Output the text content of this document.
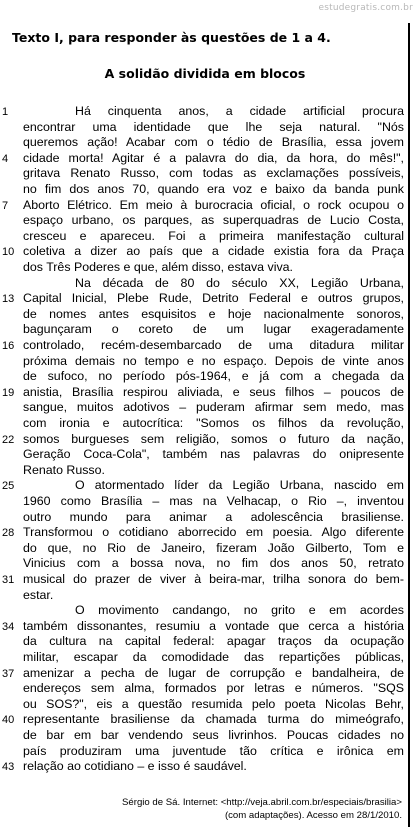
estudegratis.com.br
Texto I, para responder às questões de 1 a 4.
A solidão dividida em blocos
Há cinquenta anos, a cidade artificial procura
encontrar uma identidade que lhe seja natural. "Nós
queremos ação! Acabar com o tédio de Brasília, essa jovem
cidade morta! Agitar é a palavra do dia, da hora, do mês!",
gritava Renato Russo, com todas as exclamações possíveis,
no fim dos anos 70, quando era voz e baixo da banda punk
Aborto Elétrico. Em meio à burocracia oficial, o rock ocupou o
espaço urbano, os parques, as superquadras de Lucio Costa,
cresceu e apareceu. Foi a primeira manifestação cultural
coletiva a dizer ao país que a cidade existia fora da Praça
dos Três Poderes e que, além disso, estava viva.
Na década de 80 do século XX, Legião Urbana,
Capital Inicial, Plebe Rude, Detrito Federal e outros grupos,
de nomes antes esquisitos e hoje nacionalmente sonoros,
bagunçaram o coreto de um lugar exageradamente
controlado, recém-desembarcado de uma ditadura militar
próxima demais no tempo e no espaço. Depois de vinte anos
de sufoco, no período pós-1964, e já com a chegada da
anistia, Brasília respirou aliviada, e seus filhos – poucos de
sangue, muitos adotivos – puderam afirmar sem medo, mas
com ironia e autocrítica: "Somos os filhos da revolução,
somos burgueses sem religião, somos o futuro da nação,
Geração Coca-Cola", também nas palavras do onipresente
Renato Russo.
O atormentado líder da Legião Urbana, nascido em
1960 como Brasília – mas na Velhacap, o Rio –, inventou
outro mundo para animar a adolescência brasiliense.
Transformou o cotidiano aborrecido em poesia. Algo diferente
do que, no Rio de Janeiro, fizeram João Gilberto, Tom e
Vinicius com a bossa nova, no fim dos anos 50, retrato
musical do prazer de viver à beira-mar, trilha sonora do bem-
estar.
O movimento candango, no grito e em acordes
também dissonantes, resumiu a vontade que cerca a história
da cultura na capital federal: apagar traços da ocupação
militar, escapar da comodidade das repartições públicas,
amenizar a pecha de lugar de corrupção e bandalheira, de
endereços sem alma, formados por letras e números. "SQS
ou SOS?", eis a questão resumida pelo poeta Nicolas Behr,
representante brasiliense da chamada turma do mimeógrafo,
de bar em bar vendendo seus livrinhos. Poucas cidades no
país produziram uma juventude tão crítica e irônica em
relação ao cotidiano – e isso é saudável.
1
4
7
10
13
16
19
22
25
28
31
34
37
40
43
Sérgio de Sá. Internet: <http://veja.abril.com.br/especiais/brasilia>
(com adaptações). Acesso em 28/1/2010.
